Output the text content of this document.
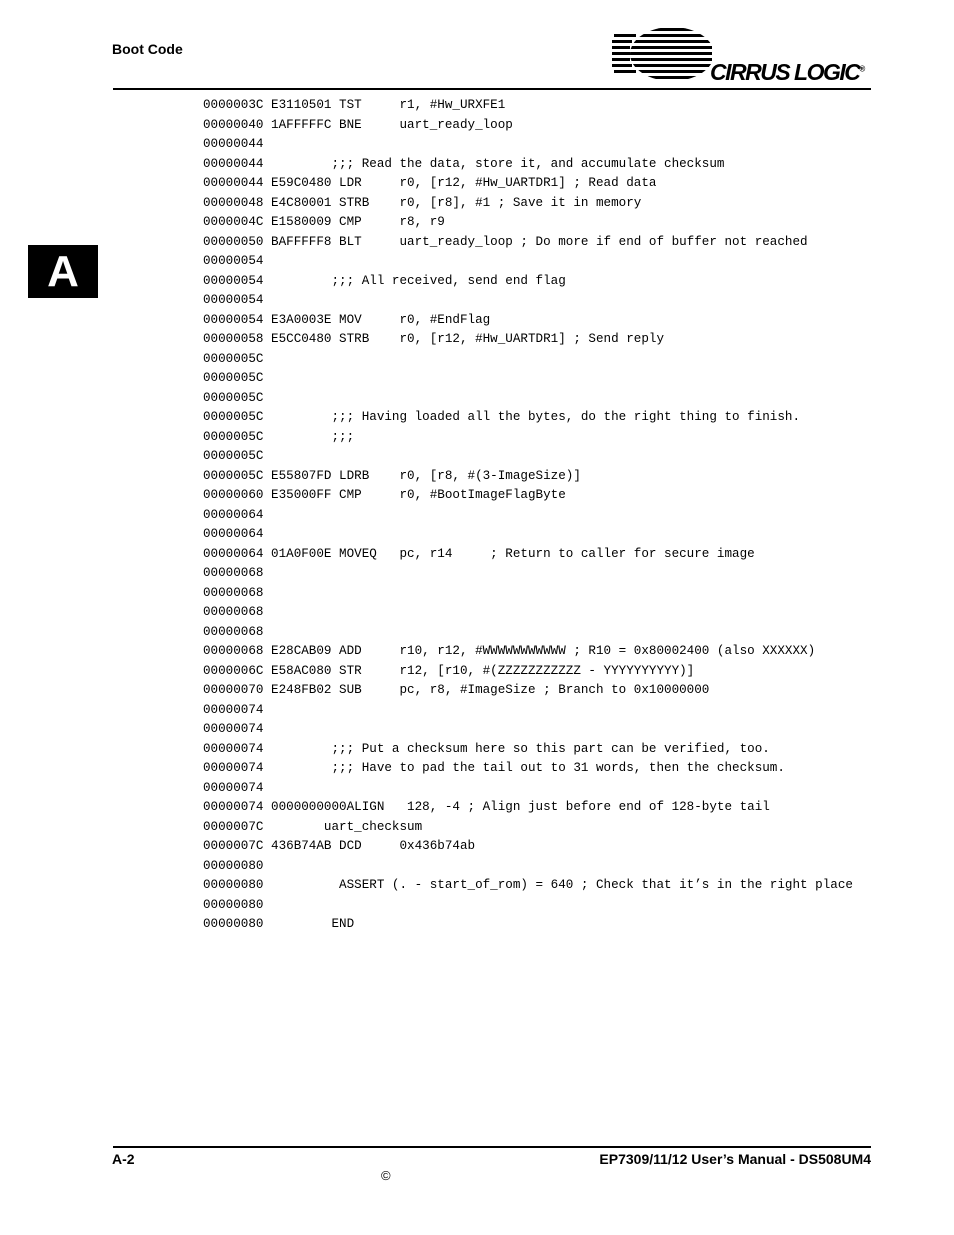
Boot Code
CIRRUS LOGIC®
A
0000003C E3110501 TST     r1, #Hw_URXFE1
00000040 1AFFFFFC BNE     uart_ready_loop
00000044
00000044         ;;; Read the data, store it, and accumulate checksum
00000044 E59C0480 LDR     r0, [r12, #Hw_UARTDR1] ; Read data
00000048 E4C80001 STRB    r0, [r8], #1 ; Save it in memory
0000004C E1580009 CMP     r8, r9
00000050 BAFFFFF8 BLT     uart_ready_loop ; Do more if end of buffer not reached
00000054
00000054         ;;; All received, send end flag
00000054
00000054 E3A0003E MOV     r0, #EndFlag
00000058 E5CC0480 STRB    r0, [r12, #Hw_UARTDR1] ; Send reply
0000005C
0000005C
0000005C
0000005C         ;;; Having loaded all the bytes, do the right thing to finish.
0000005C         ;;;
0000005C
0000005C E55807FD LDRB    r0, [r8, #(3-ImageSize)]
00000060 E35000FF CMP     r0, #BootImageFlagByte
00000064
00000064
00000064 01A0F00E MOVEQ   pc, r14     ; Return to caller for secure image
00000068
00000068
00000068
00000068
00000068 E28CAB09 ADD     r10, r12, #WWWWWWWWWWW ; R10 = 0x80002400 (also XXXXXX)
0000006C E58AC080 STR     r12, [r10, #(ZZZZZZZZZZZ - YYYYYYYYYY)]
00000070 E248FB02 SUB     pc, r8, #ImageSize ; Branch to 0x10000000
00000074
00000074
00000074         ;;; Put a checksum here so this part can be verified, too.
00000074         ;;; Have to pad the tail out to 31 words, then the checksum.
00000074
00000074 0000000000ALIGN   128, -4 ; Align just before end of 128-byte tail
0000007C        uart_checksum
0000007C 436B74AB DCD     0x436b74ab
00000080
00000080          ASSERT (. - start_of_rom) = 640 ; Check that it’s in the right place
00000080
00000080         END
A-2	EP7309/11/12 User’s Manual - DS508UM4
©
